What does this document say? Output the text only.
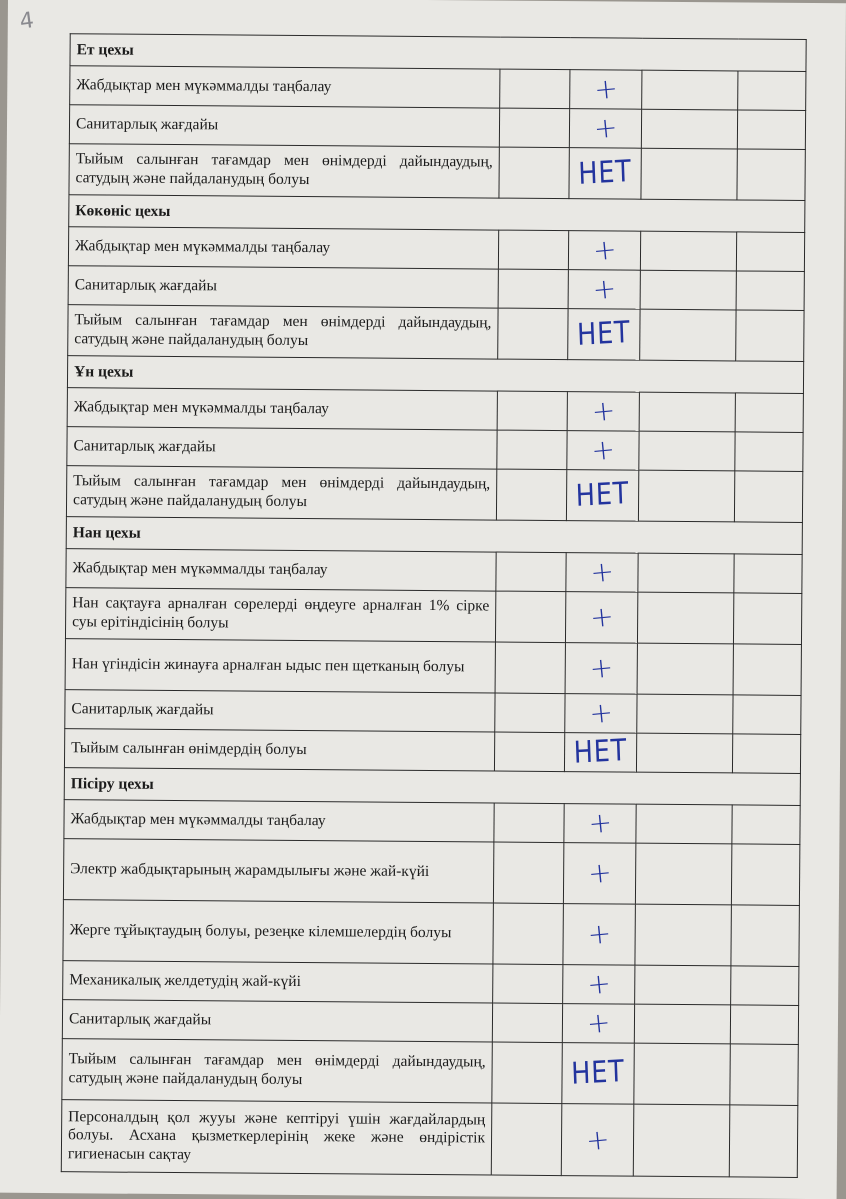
4
Ет цехы				
Жабдықтар мен мүкәммалды таңбалау		+		
Санитарлық жағдайы		+		
Тыйым салынған тағамдар мен өнімдерді дайындаудың, сатудың және пайдаланудың болуы		НЕТ		
Көкөніс цехы				
Жабдықтар мен мүкәммалды таңбалау		+		
Санитарлық жағдайы		+		
Тыйым салынған тағамдар мен өнімдерді дайындаудың, сатудың және пайдаланудың болуы		НЕТ		
Ұн цехы				
Жабдықтар мен мүкәммалды таңбалау		+		
Санитарлық жағдайы		+		
Тыйым салынған тағамдар мен өнімдерді дайындаудың, сатудың және пайдаланудың болуы		НЕТ		
Нан цехы				
Жабдықтар мен мүкәммалды таңбалау		+		
Нан сақтауға арналған сөрелерді өңдеуге арналған 1% сірке суы ерітіндісінің болуы		+		
Нан үгіндісін жинауға арналған ыдыс пен щетканың болуы		+		
Санитарлық жағдайы		+		
Тыйым салынған өнімдердің болуы		НЕТ		
Пісіру цехы				
Жабдықтар мен мүкәммалды таңбалау		+		
Электр жабдықтарының жарамдылығы және жай-күйі		+		
Жерге тұйықтаудың болуы, резеңке кілемшелердің болуы		+		
Механикалық желдетудің жай-күйі		+		
Санитарлық жағдайы		+		
Тыйым салынған тағамдар мен өнімдерді дайындаудың, сатудың және пайдаланудың болуы		НЕТ		
Персоналдың қол жууы және кептіруі үшін жағдайлардың болуы. Асхана қызметкерлерінің жеке және өндірістік гигиенасын сақтау		+		
